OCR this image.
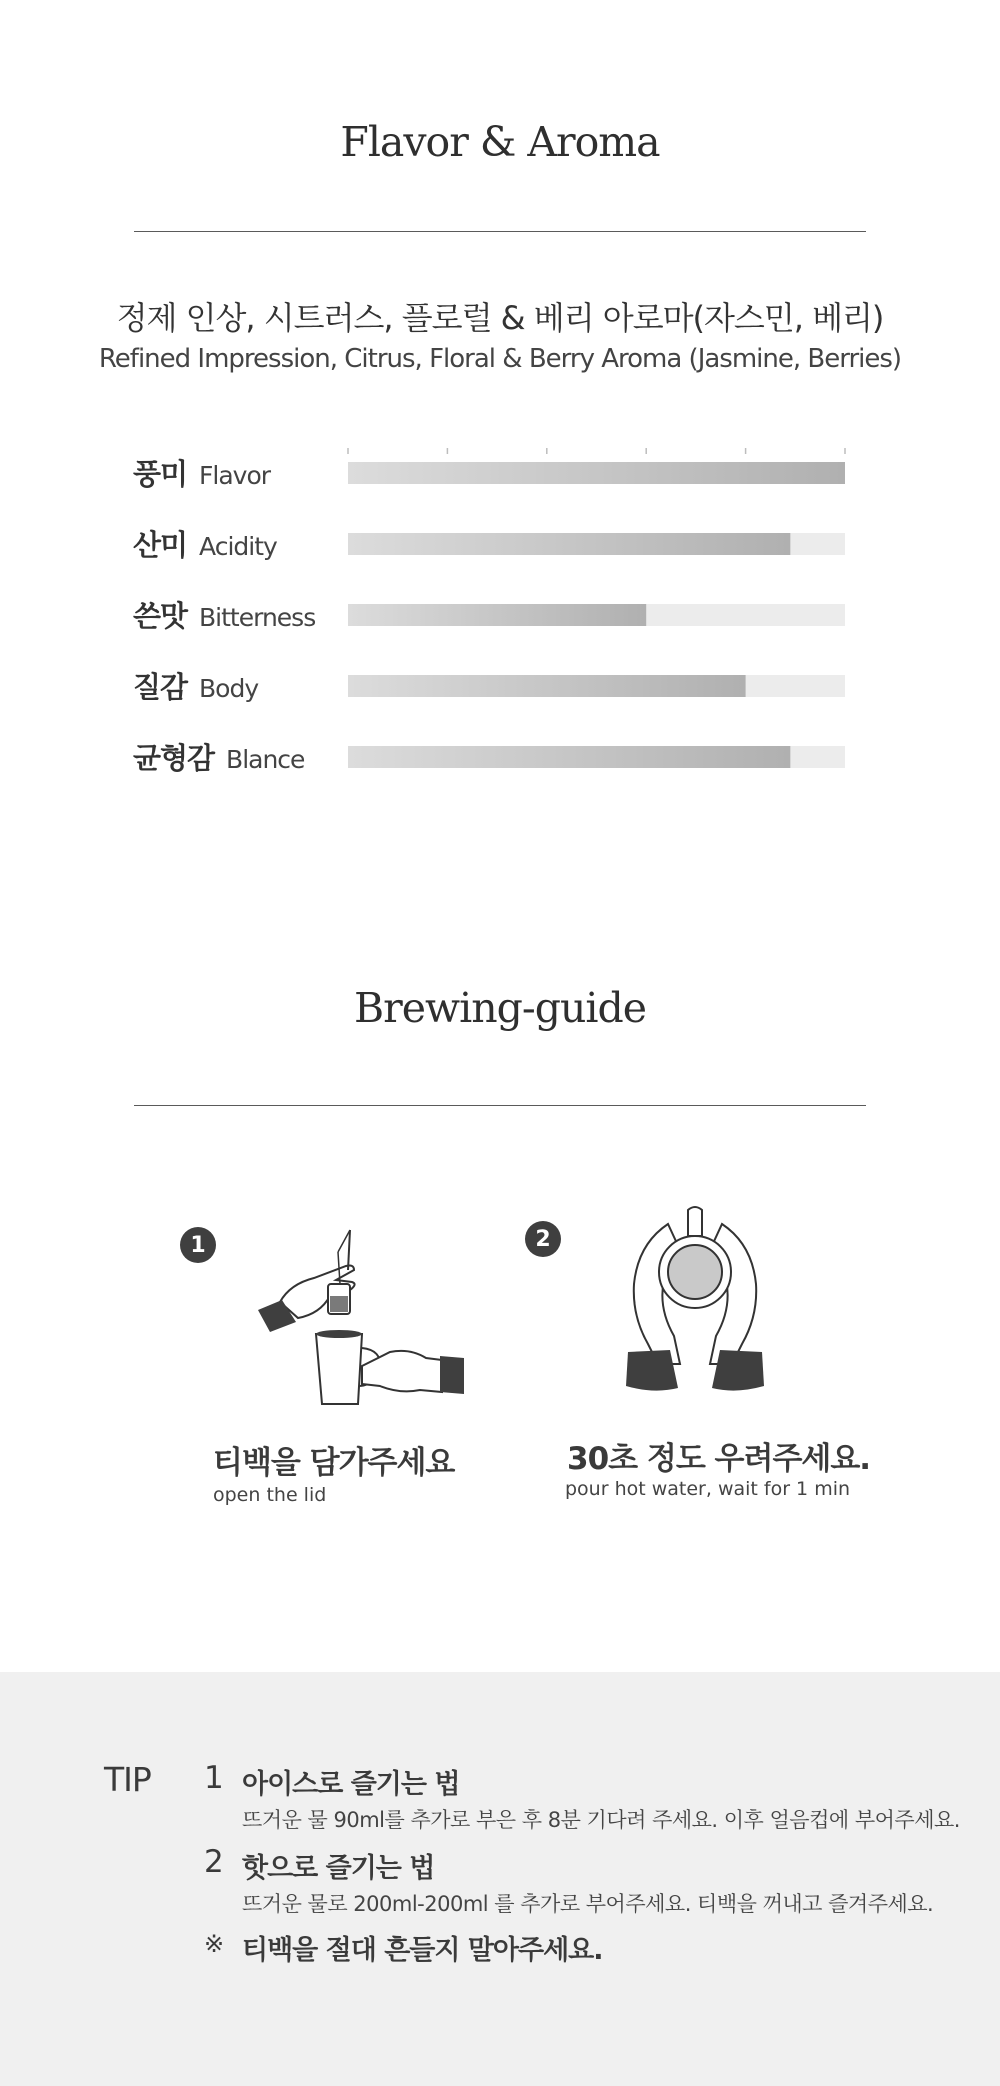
Flavor & Aroma
정제 인상, 시트러스, 플로럴 & 베리 아로마(자스민, 베리)
Refined Impression, Citrus, Floral & Berry Aroma (Jasmine, Berries)
풍미 Flavor
산미 Acidity
쓴맛 Bitterness
질감 Body
균형감 Blance
Brewing-guide
1
티백을 담가주세요
open the lid
2
30초 정도 우려주세요.
pour hot water, wait for 1 min
TIP 1 아이스로 즐기는 법
뜨거운 물 90ml를 추가로 부은 후 8분 기다려 주세요. 이후 얼음컵에 부어주세요.
2 핫으로 즐기는 법
뜨거운 물로 200ml-200ml 를 추가로 부어주세요. 티백을 꺼내고 즐겨주세요.
※ 티백을 절대 흔들지 말아주세요.
